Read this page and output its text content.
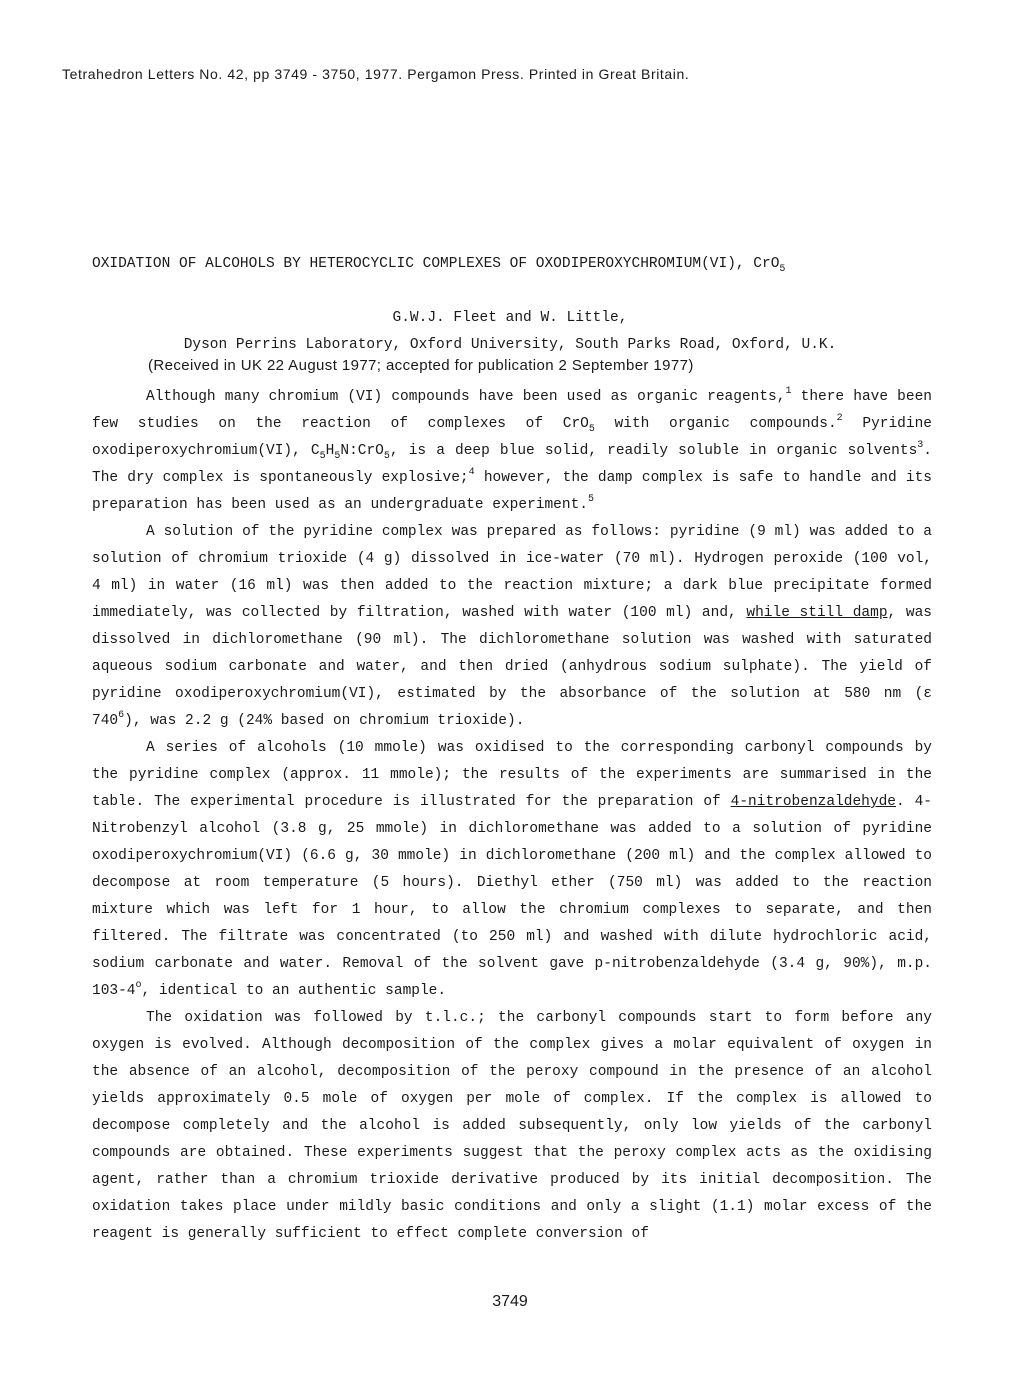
Tetrahedron Letters No. 42, pp 3749 - 3750, 1977. Pergamon Press. Printed in Great Britain.
OXIDATION OF ALCOHOLS BY HETEROCYCLIC COMPLEXES OF OXODIPEROXYCHROMIUM(VI), CrO$_5$
G.W.J. Fleet and W. Little,
Dyson Perrins Laboratory, Oxford University, South Parks Road, Oxford, U.K.
(Received in UK 22 August 1977; accepted for publication 2 September 1977)

Although many chromium (VI) compounds have been used as organic reagents,$^1$ there have been few studies on the reaction of complexes of CrO$_5$ with organic compounds.$^2$ Pyridine oxodiperoxychromium(VI), $C_5H_5N:CrO_5$, is a deep blue solid, readily soluble in organic solvents$^3$. The dry complex is spontaneously explosive;$^4$ however, the damp complex is safe to handle and its preparation has been used as an undergraduate experiment.$^5$

A solution of the pyridine complex was prepared as follows: pyridine (9 ml) was added to a solution of chromium trioxide (4 g) dissolved in ice-water (70 ml). Hydrogen peroxide (100 vol, 4 ml) in water (16 ml) was then added to the reaction mixture; a dark blue precipitate formed immediately, was collected by filtration, washed with water (100 ml) and, while still damp, was dissolved in dichloromethane (90 ml). The dichloromethane solution was washed with saturated aqueous sodium carbonate and water, and then dried (anhydrous sodium sulphate). The yield of pyridine oxodiperoxychromium(VI), estimated by the absorbance of the solution at 580 nm (ε $740^6$), was 2.2 g (24% based on chromium trioxide).

A series of alcohols (10 mmole) was oxidised to the corresponding carbonyl compounds by the pyridine complex (approx. 11 mmole); the results of the experiments are summarised in the table. The experimental procedure is illustrated for the preparation of 4-nitrobenzaldehyde. 4-Nitrobenzyl alcohol (3.8 g, 25 mmole) in dichloromethane was added to a solution of pyridine oxodiperoxychromium(VI) (6.6 g, 30 mmole) in dichloromethane (200 ml) and the complex allowed to decompose at room temperature (5 hours). Diethyl ether (750 ml) was added to the reaction mixture which was left for 1 hour, to allow the chromium complexes to separate, and then filtered. The filtrate was concentrated (to 250 ml) and washed with dilute hydrochloric acid, sodium carbonate and water. Removal of the solvent gave p-nitrobenzaldehyde (3.4 g, 90%), m.p. 103-4$^o$, identical to an authentic sample.

The oxidation was followed by t.l.c.; the carbonyl compounds start to form before any oxygen is evolved. Although decomposition of the complex gives a molar equivalent of oxygen in the absence of an alcohol, decomposition of the peroxy compound in the presence of an alcohol yields approximately 0.5 mole of oxygen per mole of complex. If the complex is allowed to decompose completely and the alcohol is added subsequently, only low yields of the carbonyl compounds are obtained. These experiments suggest that the peroxy complex acts as the oxidising agent, rather than a chromium trioxide derivative produced by its initial decomposition. The oxidation takes place under mildly basic conditions and only a slight (1.1) molar excess of the reagent is generally sufficient to effect complete conversion of

3749
